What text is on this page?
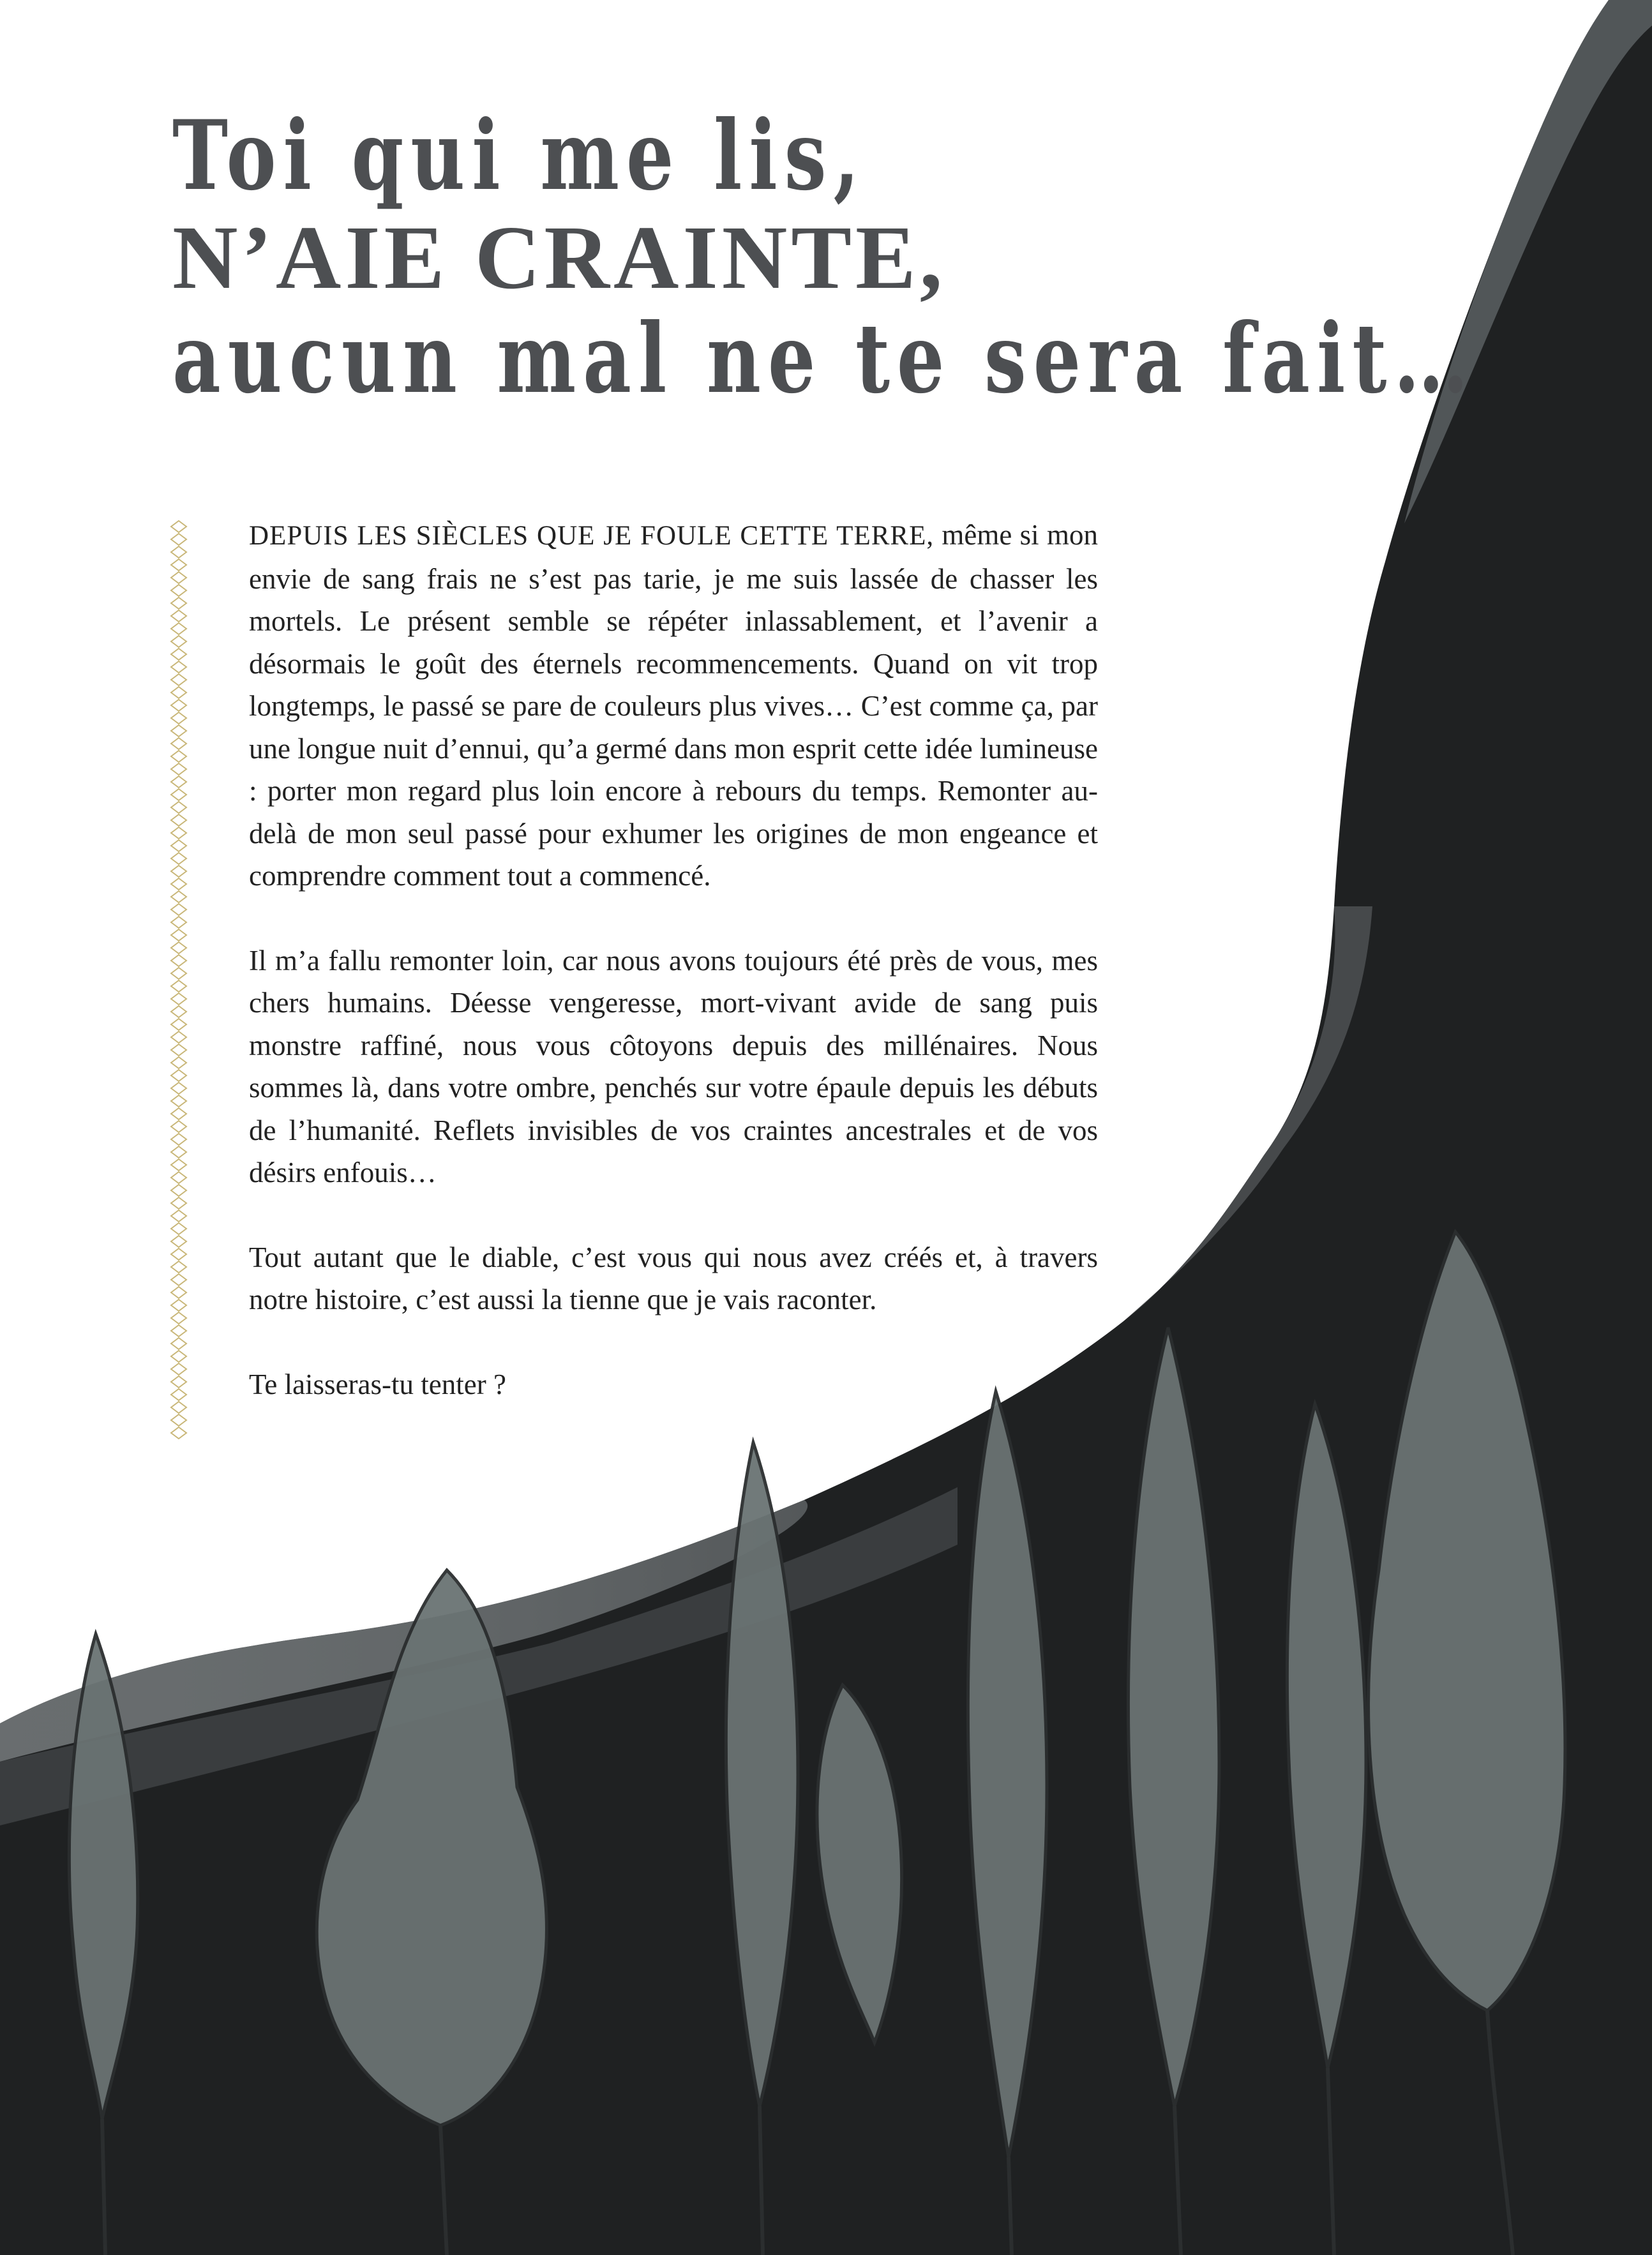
Toi qui me lis,
N’AIE CRAINTE,
aucun mal ne te sera fait…

DEPUIS LES SIÈCLES QUE JE FOULE CETTE TERRE, même si mon envie de sang frais ne s’est pas tarie, je me suis lassée de chasser les mortels. Le présent semble se répéter inlassablement, et l’avenir a désormais le goût des éternels recommencements. Quand on vit trop longtemps, le passé se pare de couleurs plus vives… C’est comme ça, par une longue nuit d’ennui, qu’a germé dans mon esprit cette idée lumineuse : porter mon regard plus loin encore à rebours du temps. Remonter au-delà de mon seul passé pour exhumer les origines de mon engeance et comprendre comment tout a commencé.

Il m’a fallu remonter loin, car nous avons toujours été près de vous, mes chers humains. Déesse vengeresse, mort-vivant avide de sang puis monstre raffiné, nous vous côtoyons depuis des millénaires. Nous sommes là, dans votre ombre, penchés sur votre épaule depuis les débuts de l’humanité. Reflets invisibles de vos craintes ancestrales et de vos désirs enfouis…

Tout autant que le diable, c’est vous qui nous avez créés et, à travers notre histoire, c’est aussi la tienne que je vais raconter.

Te laisseras-tu tenter ?
